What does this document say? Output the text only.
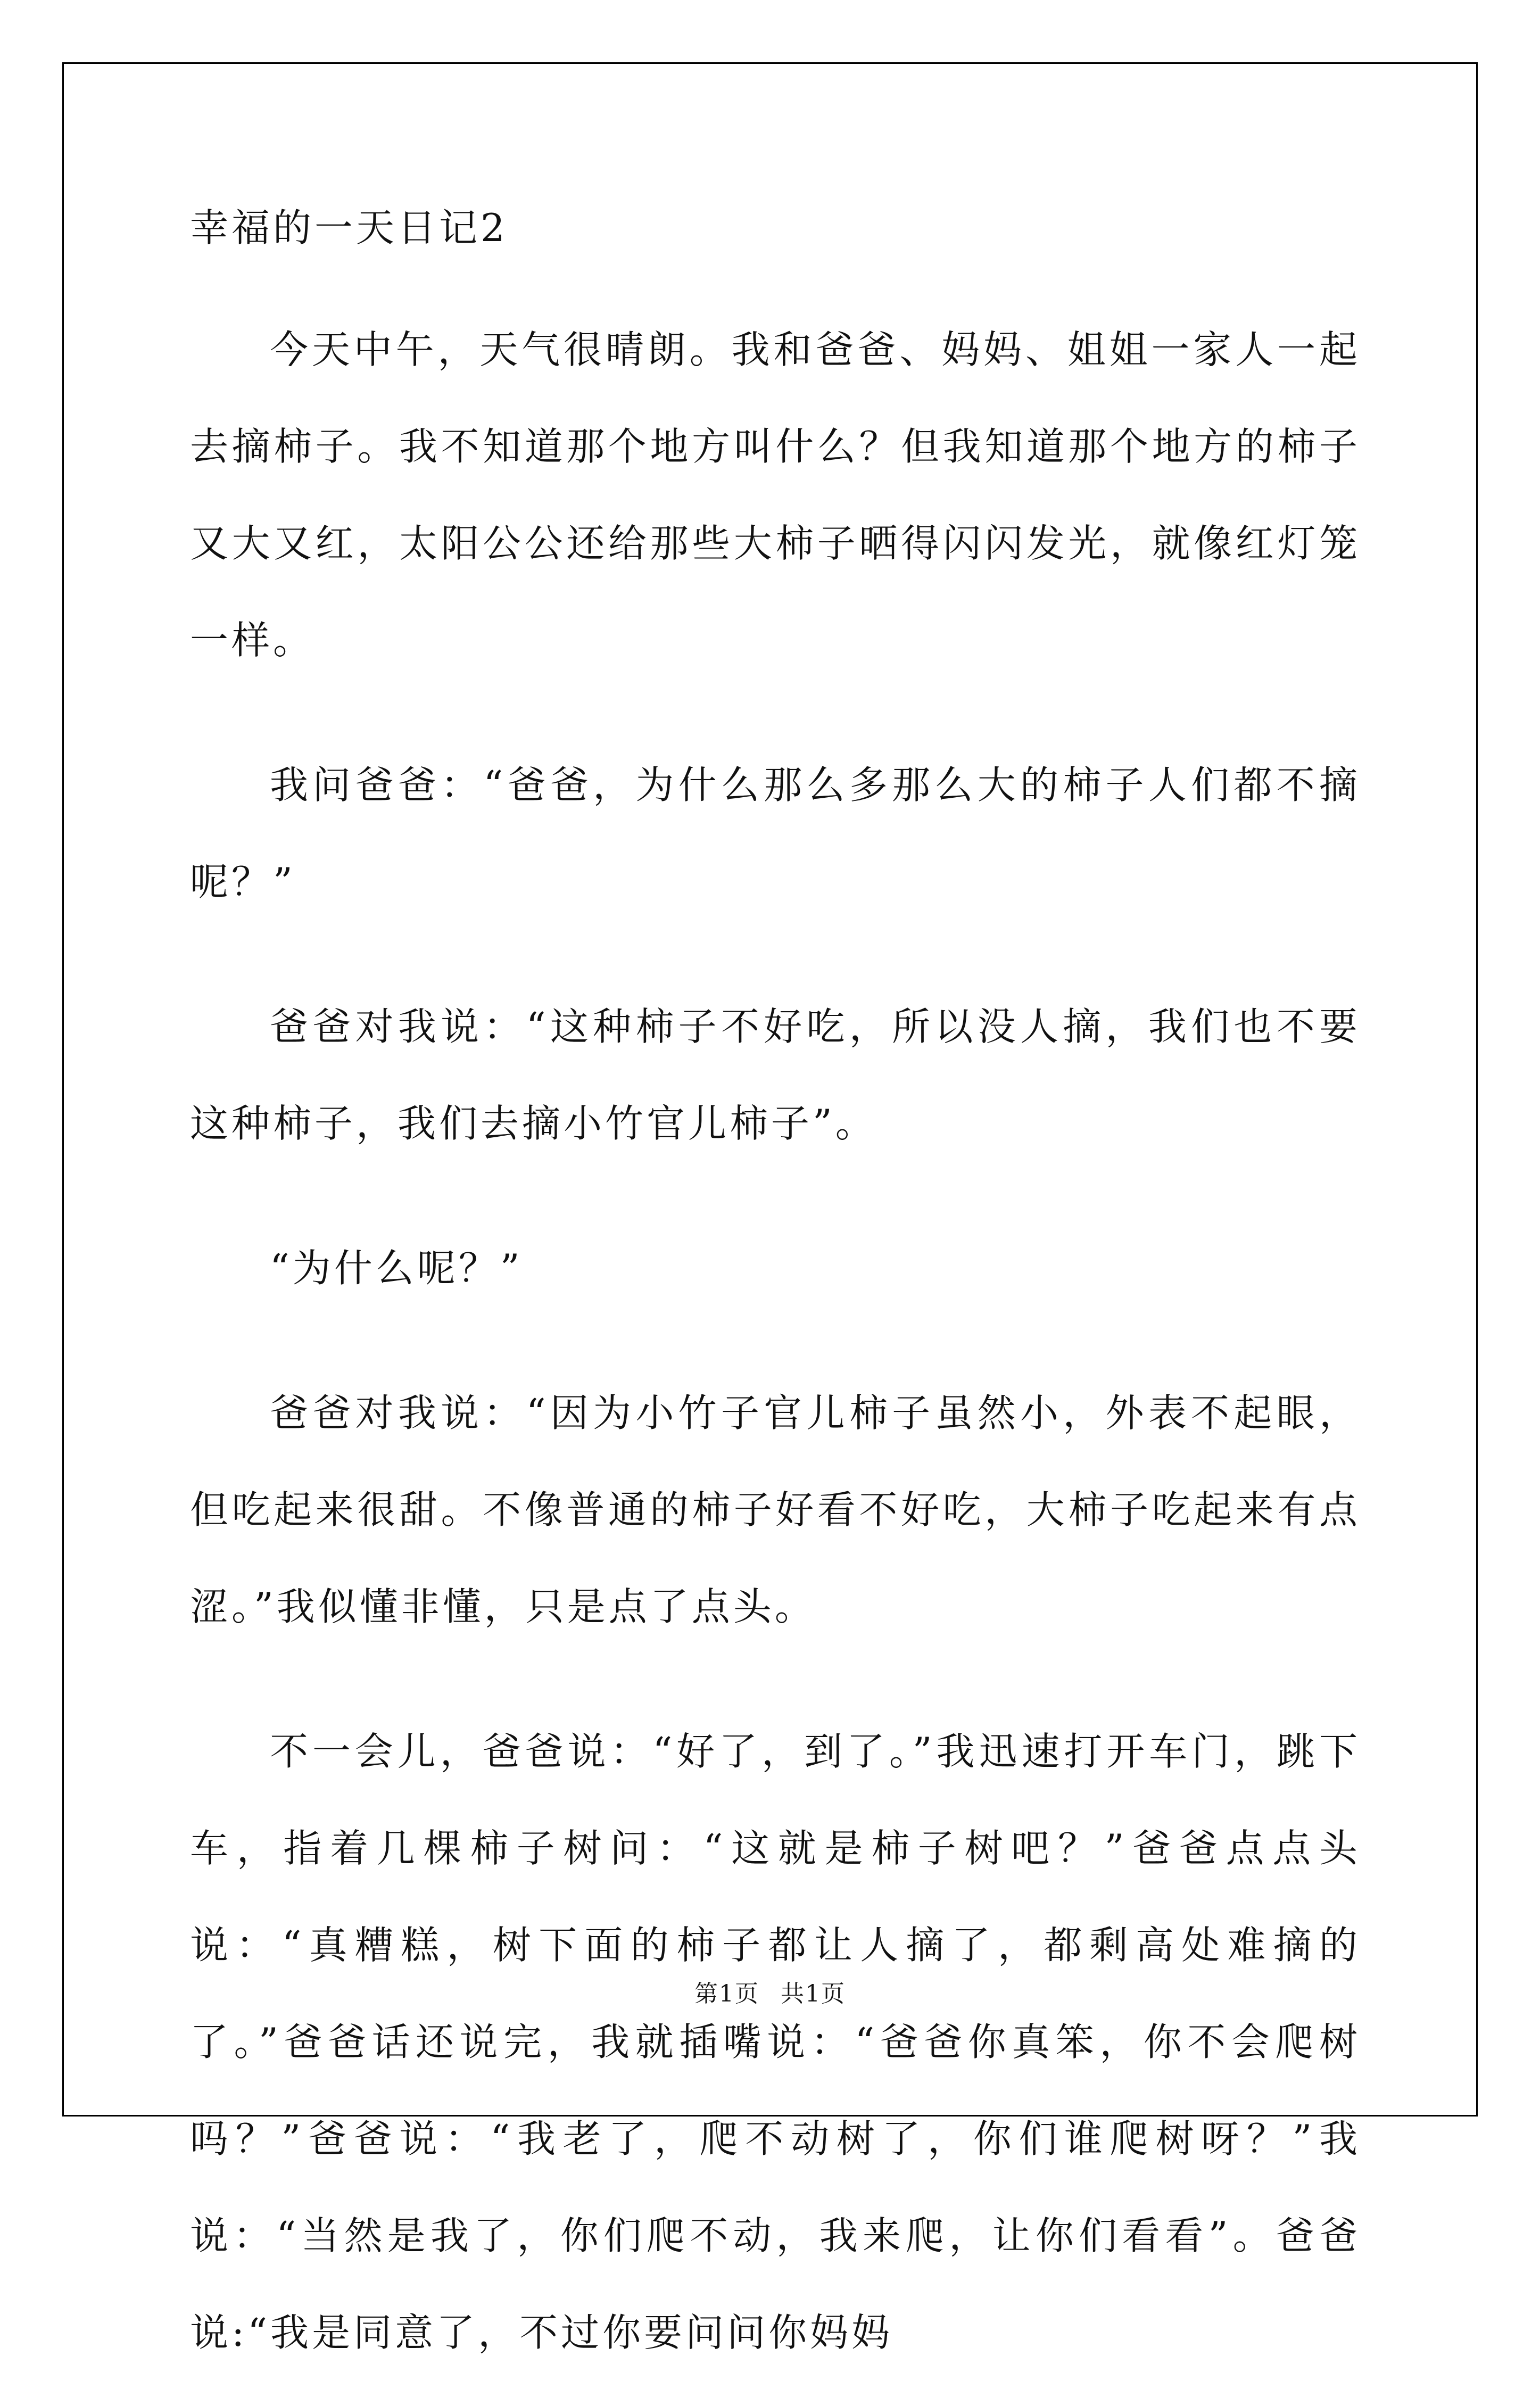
幸福的一天日记2

今天中午，天气很晴朗。我和爸爸、妈妈、姐姐一家人一起去摘柿子。我不知道那个地方叫什么？但我知道那个地方的柿子又大又红，太阳公公还给那些大柿子晒得闪闪发光，就像红灯笼一样。

我问爸爸：“爸爸，为什么那么多那么大的柿子人们都不摘呢？”

爸爸对我说：“这种柿子不好吃，所以没人摘，我们也不要这种柿子，我们去摘小竹官儿柿子”。

“为什么呢？”

爸爸对我说：“因为小竹子官儿柿子虽然小，外表不起眼，但吃起来很甜。不像普通的柿子好看不好吃，大柿子吃起来有点涩。”我似懂非懂，只是点了点头。

不一会儿，爸爸说：“好了，到了。”我迅速打开车门，跳下车，指着几棵柿子树问：“这就是柿子树吧？”爸爸点点头说：“真糟糕，树下面的柿子都让人摘了，都剩高处难摘的了。”爸爸话还说完，我就插嘴说：“爸爸你真笨，你不会爬树吗？”爸爸说：“我老了，爬不动树了，你们谁爬树呀？”我说：“当然是我了，你们爬不动，我来爬，让你们看看”。爸爸说:“我是同意了，不过你要问问你妈妈

第1页 共1页
